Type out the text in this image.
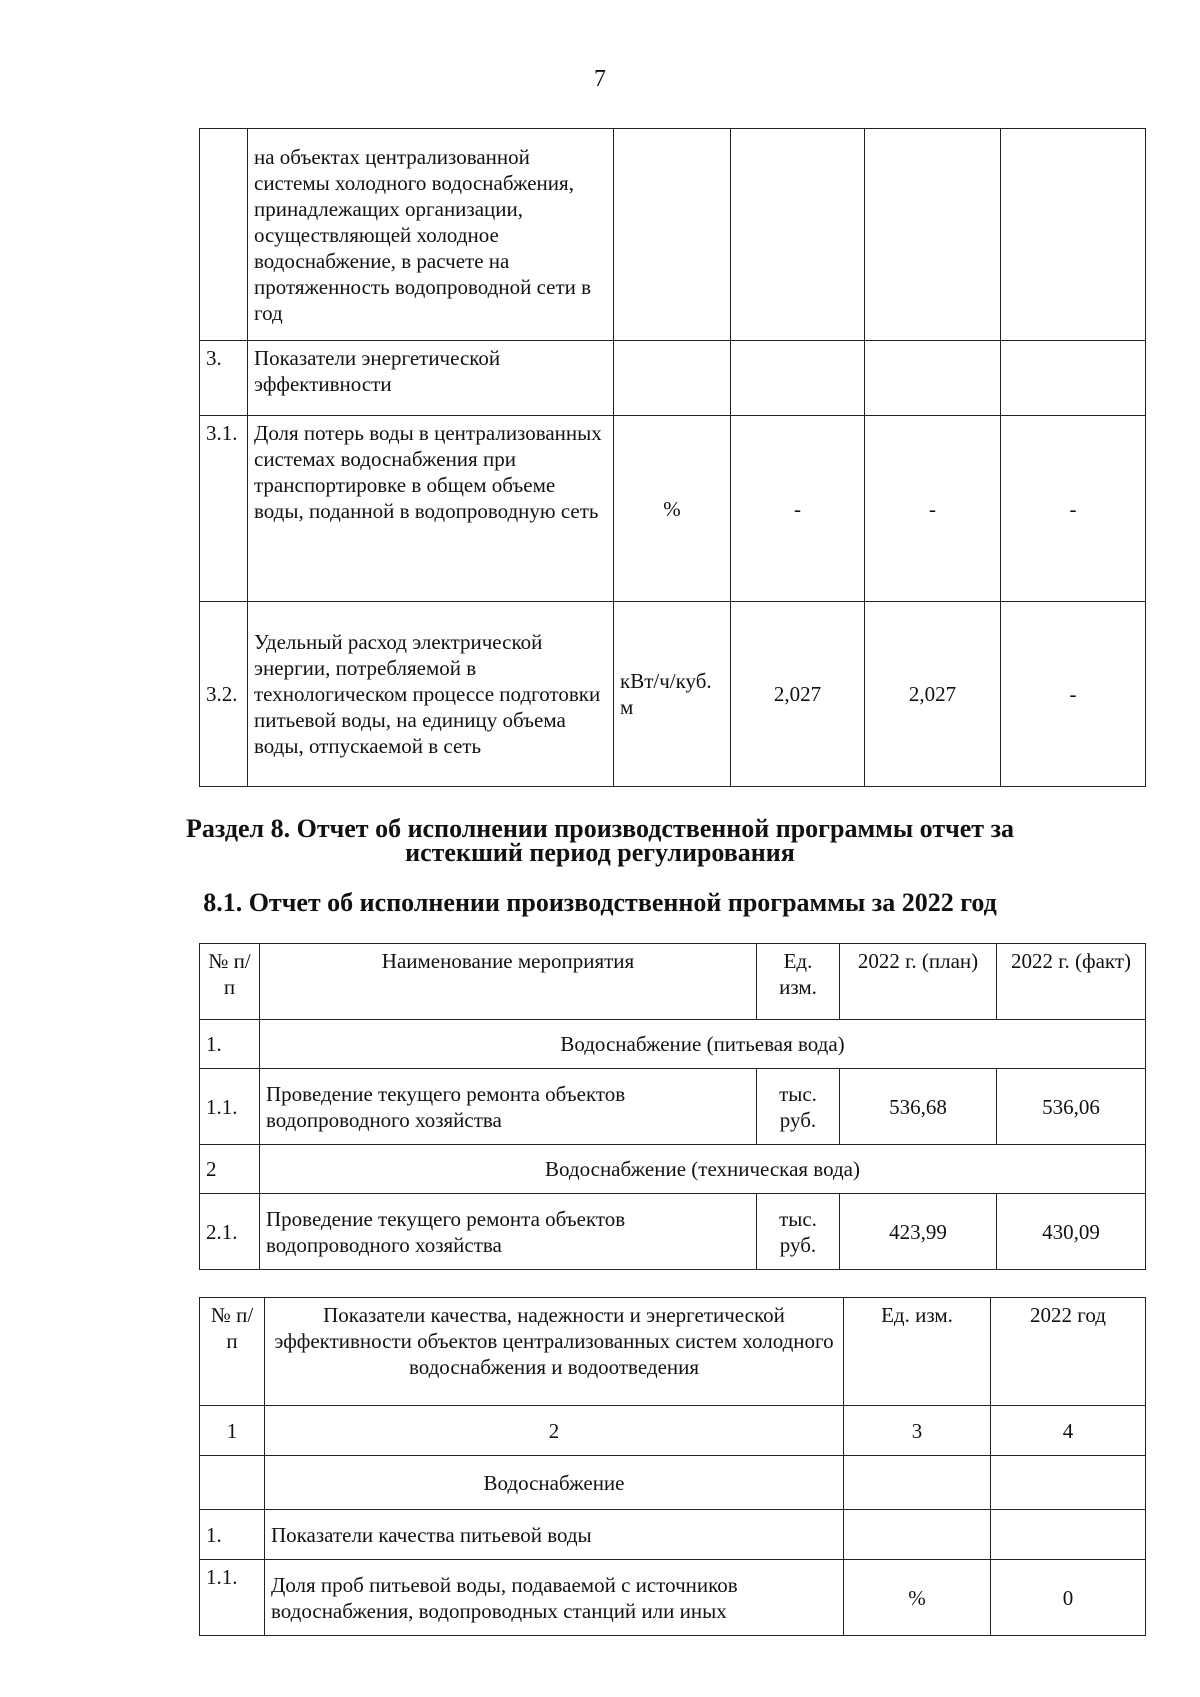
7
	на объектах централизованной системы холодного водоснабжения, принадлежащих организации, осуществляющей холодное водоснабжение, в расчете на протяженность водопроводной сети в год				
3.	Показатели энергетической эффективности				
3.1.	Доля потерь воды в централизованных системах водоснабжения при транспортировке в общем объеме воды, поданной в водопроводную сеть	%	-	-	-
3.2.	Удельный расход электрической энергии, потребляемой в технологическом процессе подготовки питьевой воды, на единицу объема воды, отпускаемой в сеть	кВт/ч/куб. м	2,027	2,027	-
Раздел 8. Отчет об исполнении производственной программы отчет за
истекший период регулирования
8.1. Отчет об исполнении производственной программы за 2022 год
№ п/п	Наименование мероприятия	Ед. изм.	2022 г. (план)	2022 г. (факт)
1.	Водоснабжение (питьевая вода)			
1.1.	Проведение текущего ремонта объектов водопроводного хозяйства	тыс. руб.	536,68	536,06
2	Водоснабжение (техническая вода)			
2.1.	Проведение текущего ремонта объектов водопроводного хозяйства	тыс. руб.	423,99	430,09
№ п/п	Показатели качества, надежности и энергетической эффективности объектов централизованных систем холодного водоснабжения и водоотведения	Ед. изм.	2022 год
1	2	3	4
	Водоснабжение		
1.	Показатели качества питьевой воды		
1.1.	Доля проб питьевой воды, подаваемой с источников водоснабжения, водопроводных станций или иных	%	0
